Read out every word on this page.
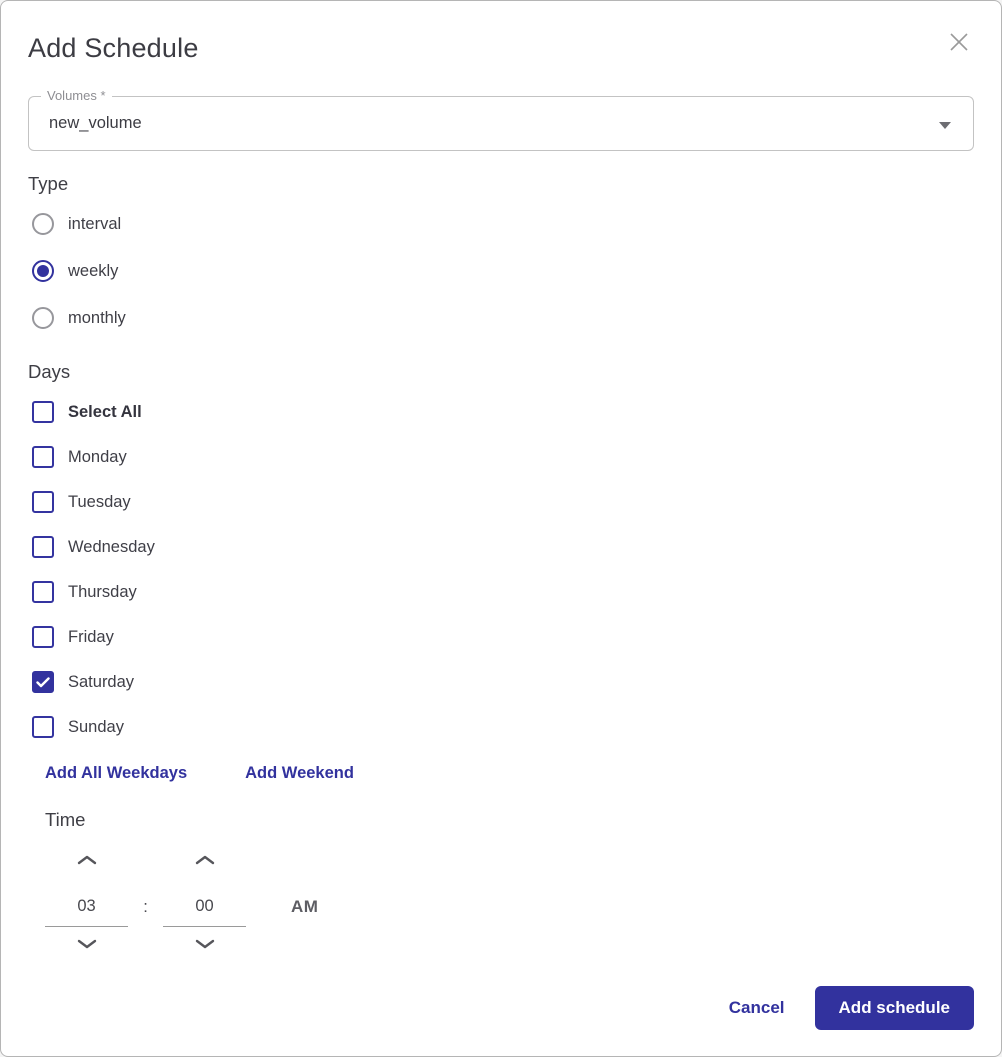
Add Schedule
Volumes *
new_volume
Type
interval
weekly
monthly
Days
Select All
Monday
Tuesday
Wednesday
Thursday
Friday
Saturday
Sunday
Add All Weekdays	Add Weekend
Time
03	:	00	AM
Cancel	Add schedule
